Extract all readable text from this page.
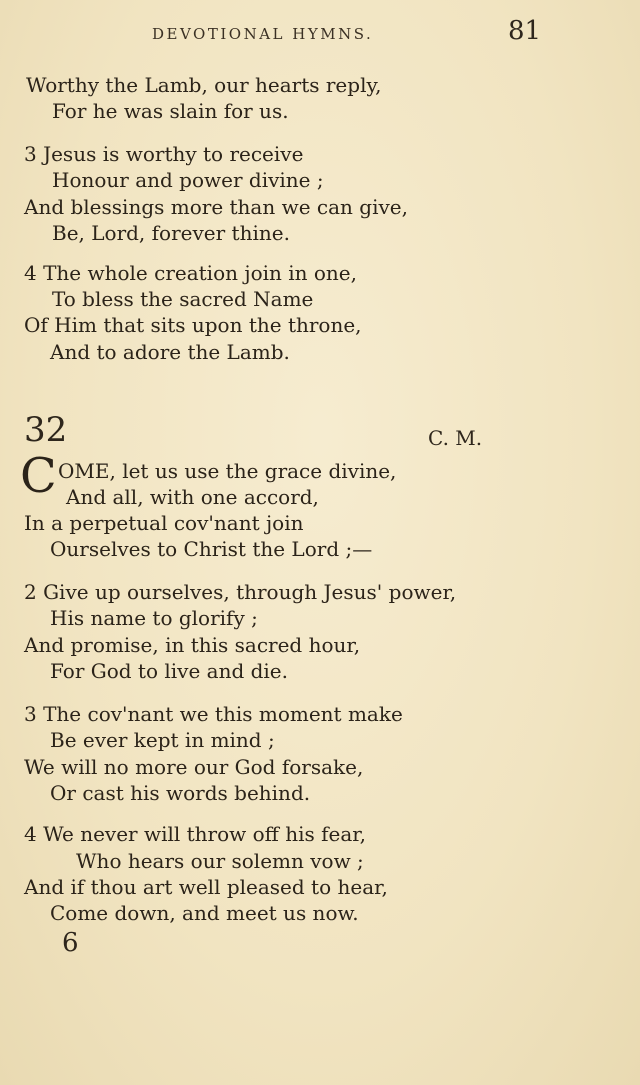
DEVOTIONAL HYMNS.	81
Worthy the Lamb, our hearts reply,
For he was slain for us.
3 Jesus is worthy to receive
Honour and power divine ;
And blessings more than we can give,
Be, Lord, forever thine.
4 The whole creation join in one,
To bless the sacred Name
Of Him that sits upon the throne,
And to adore the Lamb.
32	C. M.
C OME, let us use the grace divine,
And all, with one accord,
In a perpetual cov'nant join
Ourselves to Christ the Lord ;—
2 Give up ourselves, through Jesus' power,
His name to glorify ;
And promise, in this sacred hour,
For God to live and die.
3 The cov'nant we this moment make
Be ever kept in mind ;
We will no more our God forsake,
Or cast his words behind.
4 We never will throw off his fear,
Who hears our solemn vow ;
And if thou art well pleased to hear,
Come down, and meet us now.
6
